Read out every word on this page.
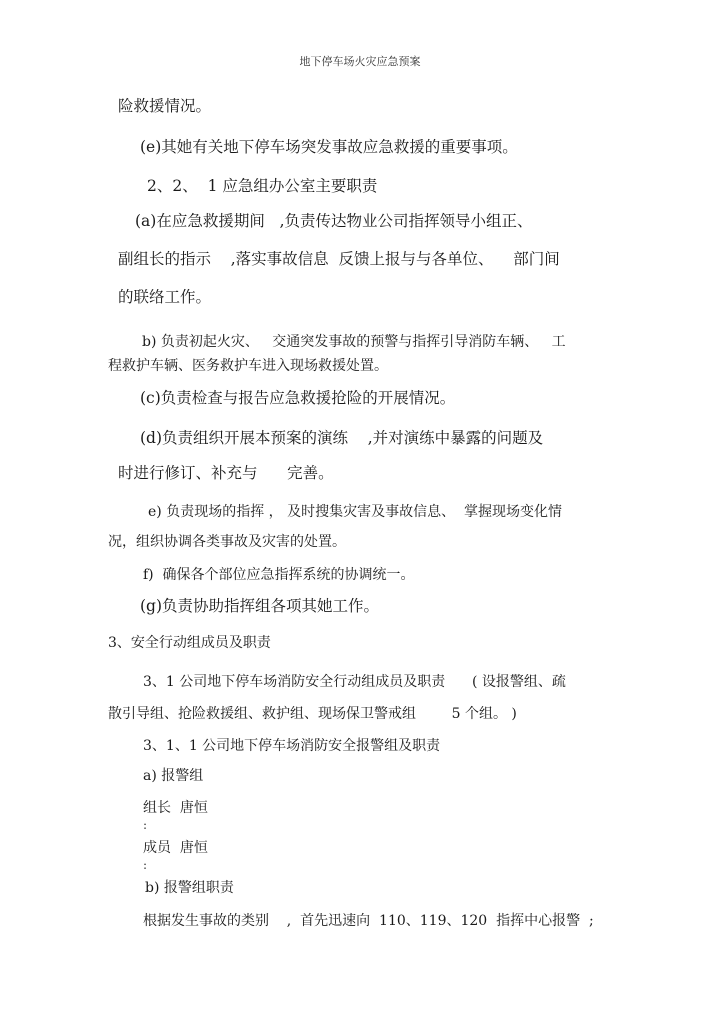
地下停车场火灾应急预案
险救援情况。
(e)其她有关地下停车场突发事故应急救援的重要事项。
2、2、  1 应急组办公室主要职责
(a)在应急救援期间   ,负责传达物业公司指挥领导小组正、
副组长的指示    ,落实事故信息  反馈上报与与各单位、    部门间
的联络工作。
b) 负责初起火灾、   交通突发事故的预警与指挥引导消防车辆、   工
程救护车辆、医务救护车进入现场救援处置。
(c)负责检查与报告应急救援抢险的开展情况。
(d)负责组织开展本预案的演练    ,并对演练中暴露的问题及
时进行修订、补充与      完善。
e) 负责现场的指挥 ， 及时搜集灾害及事故信息、  掌握现场变化情
况，组织协调各类事故及灾害的处置。
f)  确保各个部位应急指挥系统的协调统一。
(g)负责协助指挥组各项其她工作。
3、安全行动组成员及职责
3、1 公司地下停车场消防安全行动组成员及职责      ( 设报警组、疏
散引导组、抢险救援组、救护组、现场保卫警戒组        5 个组。 )
3、1、1 公司地下停车场消防安全报警组及职责
a) 报警组
组长  唐恒
:
成员  唐恒
:
b) 报警组职责
根据发生事故的类别    ,  首先迅速向  110、119、120  指挥中心报警  ;
